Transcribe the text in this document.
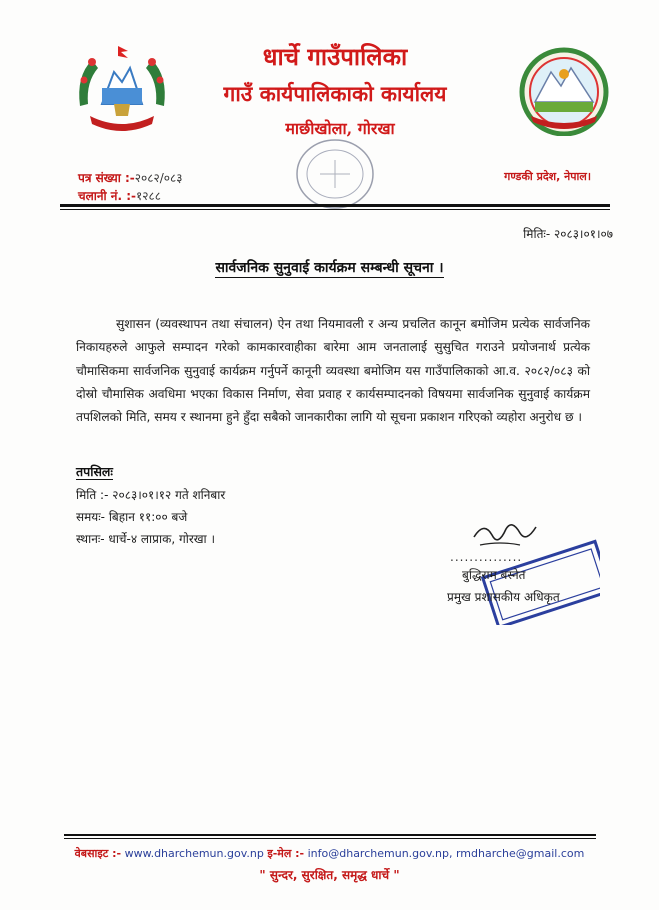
धार्चे गाउँपालिका
गाउँ कार्यपालिकाको कार्यालय
माछीखोला, गोरखा
पत्र संख्या :-२०८२/०८३
चलानी नं. :-१२८८
गण्डकी प्रदेश, नेपाल।
मितिः- २०८३।०१।०७
सार्वजनिक सुनुवाई कार्यक्रम सम्बन्धी सूचना ।
सुशासन (व्यवस्थापन तथा संचालन) ऐन तथा नियमावली र अन्य प्रचलित कानून बमोजिम प्रत्येक सार्वजनिक निकायहरुले आफुले सम्पादन गरेको कामकारवाहीका बारेमा आम जनतालाई सुसुचित गराउने प्रयोजनार्थ प्रत्येक चौमासिकमा सार्वजनिक सुनुवाई कार्यक्रम गर्नुपर्ने कानूनी व्यवस्था बमोजिम यस गाउँपालिकाको आ.व. २०८२/०८३ को दोस्रो चौमासिक अवधिमा भएका विकास निर्माण, सेवा प्रवाह र कार्यसम्पादनको विषयमा सार्वजनिक सुनुवाई कार्यक्रम तपशिलको मिति, समय र स्थानमा हुने हुँदा सबैको जानकारीका लागि यो सूचना प्रकाशन गरिएको व्यहोरा अनुरोध छ ।
तपसिलः
मिति :- २०८३।०१।१२ गते शनिबार
समयः- बिहान ११:०० बजे
स्थानः- धार्चे-४ लाप्राक, गोरखा ।
...............
बुद्धिराम बस्नेत
प्रमुख प्रशासकीय अधिकृत
वेबसाइट :- www.dharchemun.gov.np इ-मेल :- info@dharchemun.gov.np, rmdharche@gmail.com
" सुन्दर, सुरक्षित, समृद्ध धार्चे "
